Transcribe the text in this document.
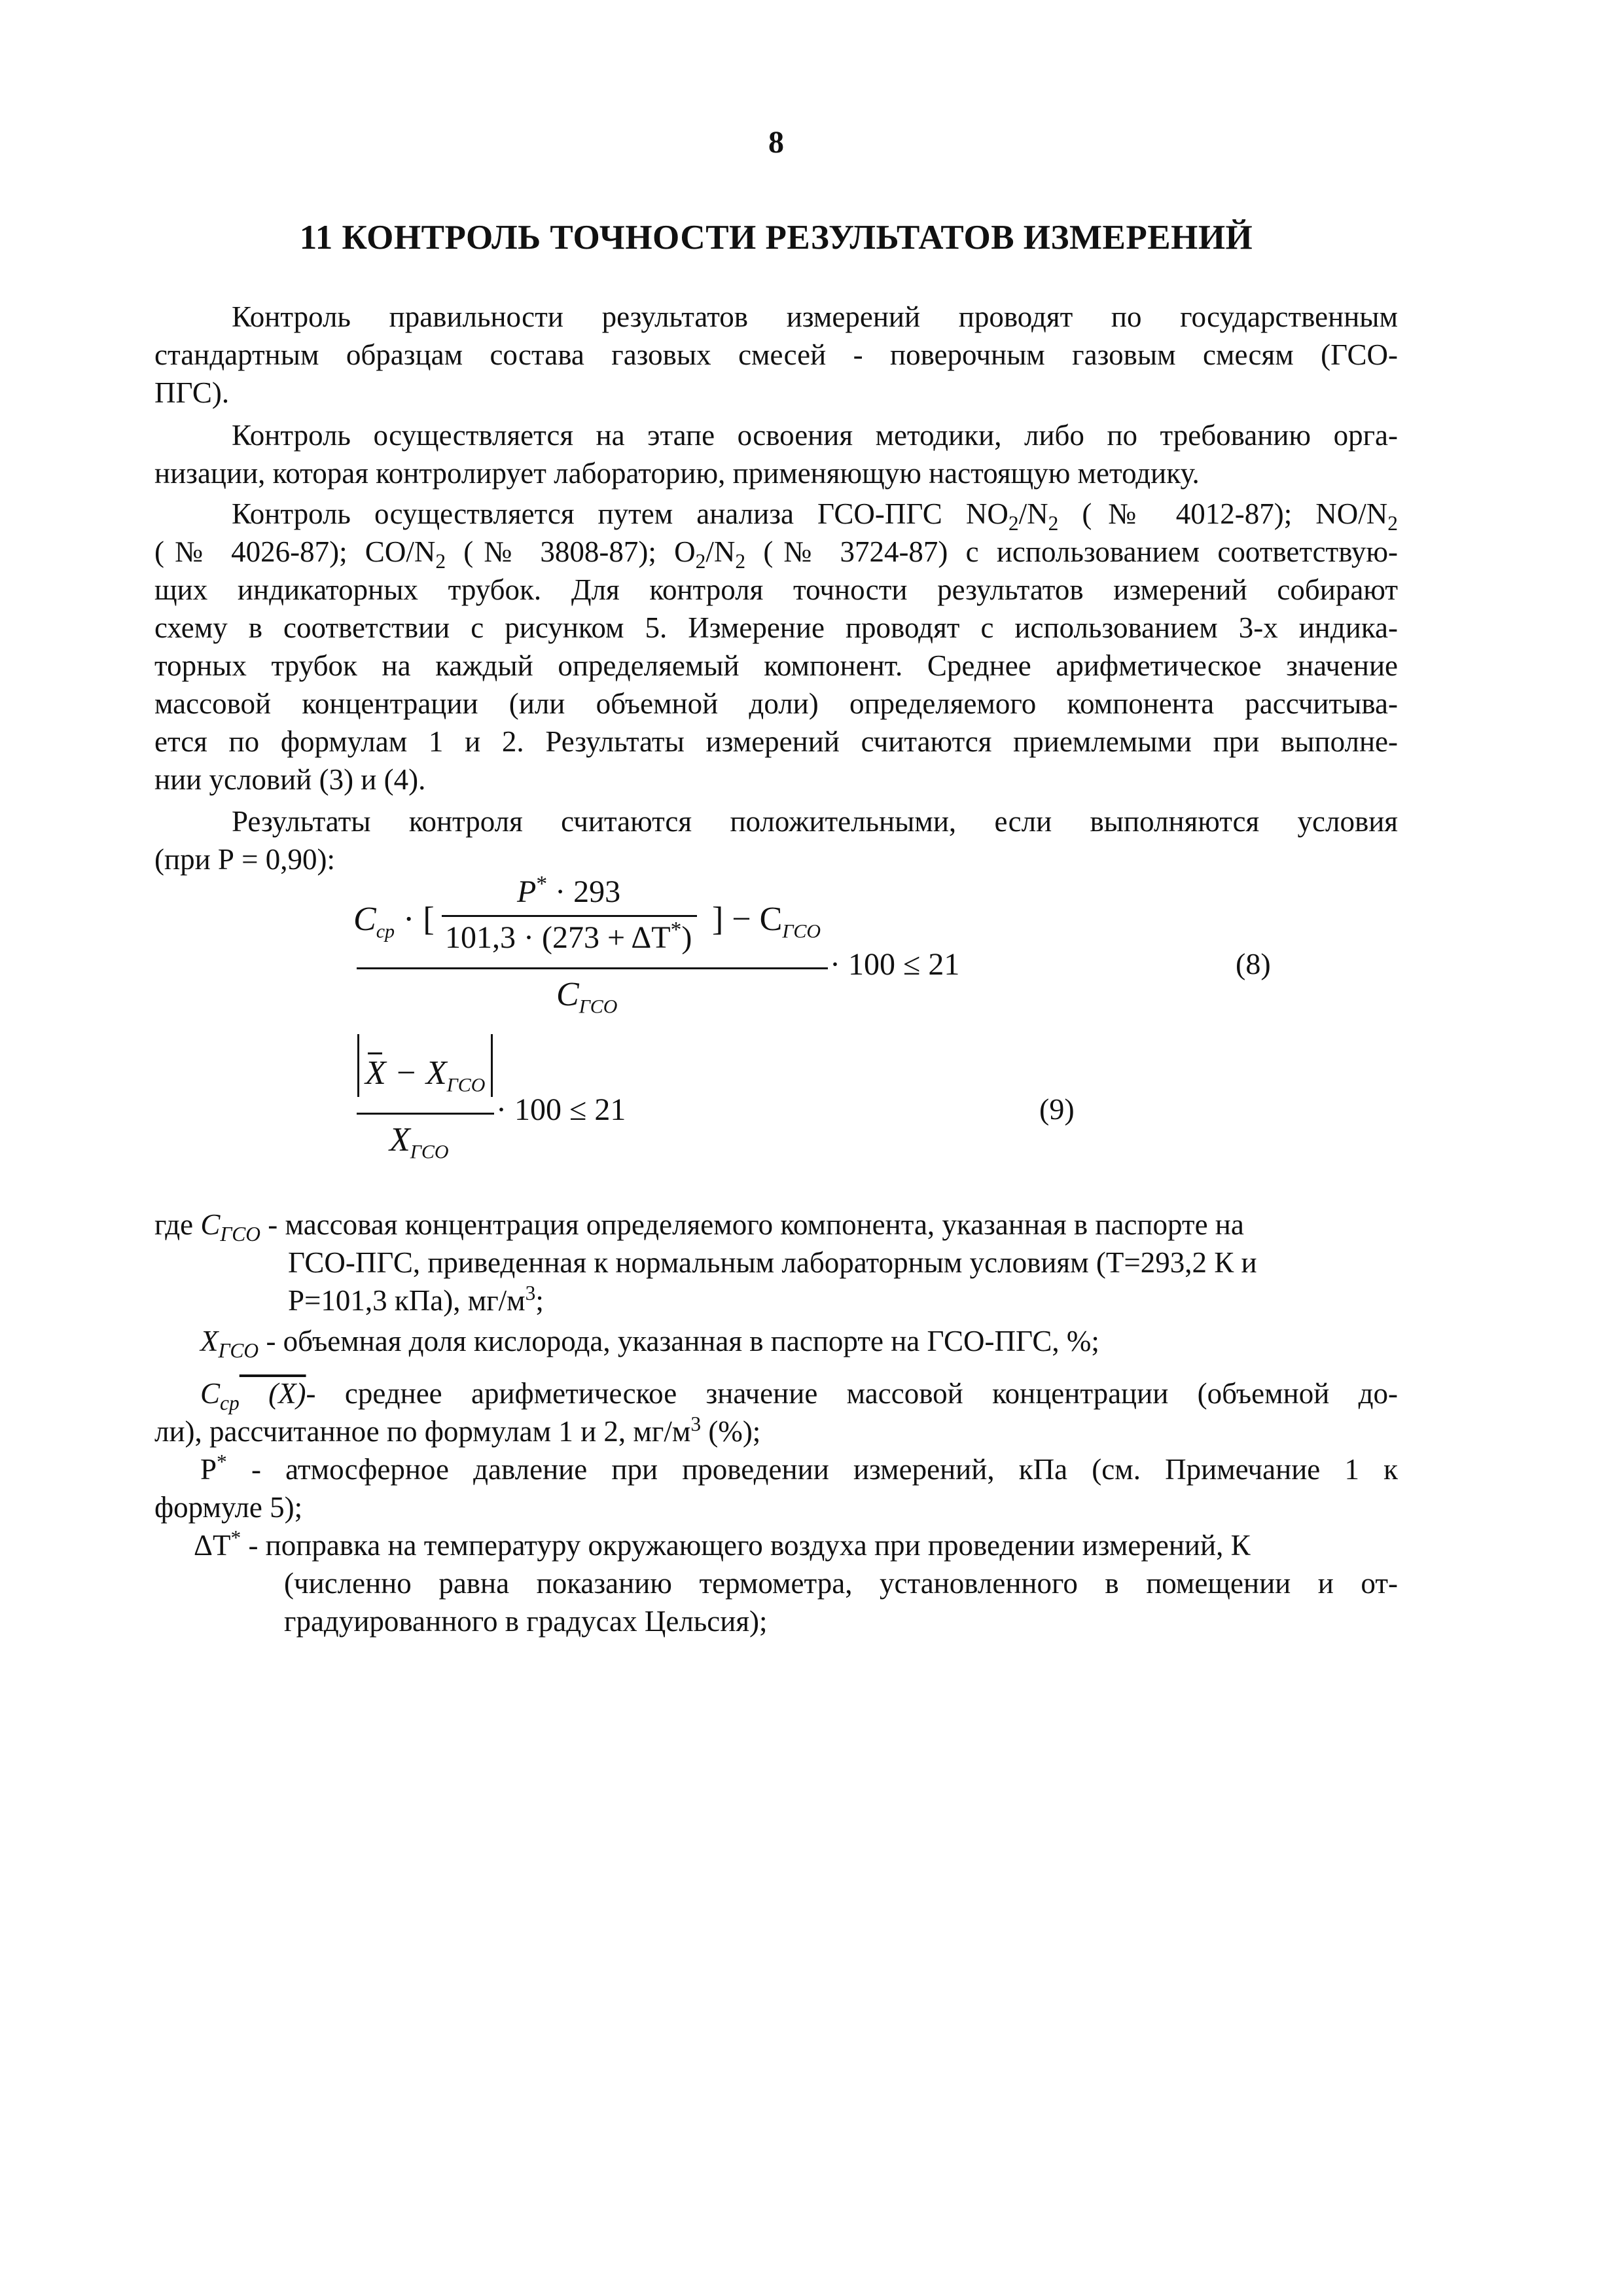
8
11 КОНТРОЛЬ ТОЧНОСТИ РЕЗУЛЬТАТОВ ИЗМЕРЕНИЙ
Контроль правильности результатов измерений проводят по государственным
стандартным образцам состава газовых смесей - поверочным газовым смесям (ГСО-
ПГС).
Контроль осуществляется на этапе освоения методики, либо по требованию орга-
низации, которая контролирует лабораторию, применяющую настоящую методику.
Контроль осуществляется путем анализа ГСО-ПГС $NO_2/N_2$ (№ 4012-87); $NO/N_2$
(№ 4026-87); $CO/N_2$ (№ 3808-87); $O_2/N_2$ (№ 3724-87) с использованием соответствую-
щих индикаторных трубок. Для контроля точности результатов измерений собирают
схему в соответствии с рисунком 5. Измерение проводят с использованием 3-х индика-
торных трубок на каждый определяемый компонент. Среднее арифметическое значение
массовой концентрации (или объемной доли) определяемого компонента рассчитыва-
ется по формулам 1 и 2. Результаты измерений считаются приемлемыми при выполне-
нии условий (3) и (4).
Результаты контроля считаются положительными, если выполняются условия
(при Р = 0,90):
$C_{ср}$ · [
P* · 293
101,3 · (273 + ΔT*) ] − $C_{ГСО}$
· 100 ≤ 21
$C_{ГСО}$
(8)
$X - X_{ГСО}$
· 100 ≤ 21
$X_{ГСО}$
(9)
где $С_{ГСО}$ - массовая концентрация определяемого компонента, указанная в паспорте на
ГСО-ПГС, приведенная к нормальным лабораторным условиям (Т=293,2 К и
Р=101,3 кПа), $мг/м^3$;
$X_{ГСО}$ - объемная доля кислорода, указанная в паспорте на ГСО-ПГС, %;
$C_{ср}$ (X)- среднее арифметическое значение массовой концентрации (объемной до-
ли), рассчитанное по формулам 1 и 2, $мг/м^3$ (%);
Р* - атмосферное давление при проведении измерений, кПа (см. Примечание 1 к
формуле 5);
ΔT* - поправка на температуру окружающего воздуха при проведении измерений, К
(численно равна показанию термометра, установленного в помещении и от-
градуированного в градусах Цельсия);
